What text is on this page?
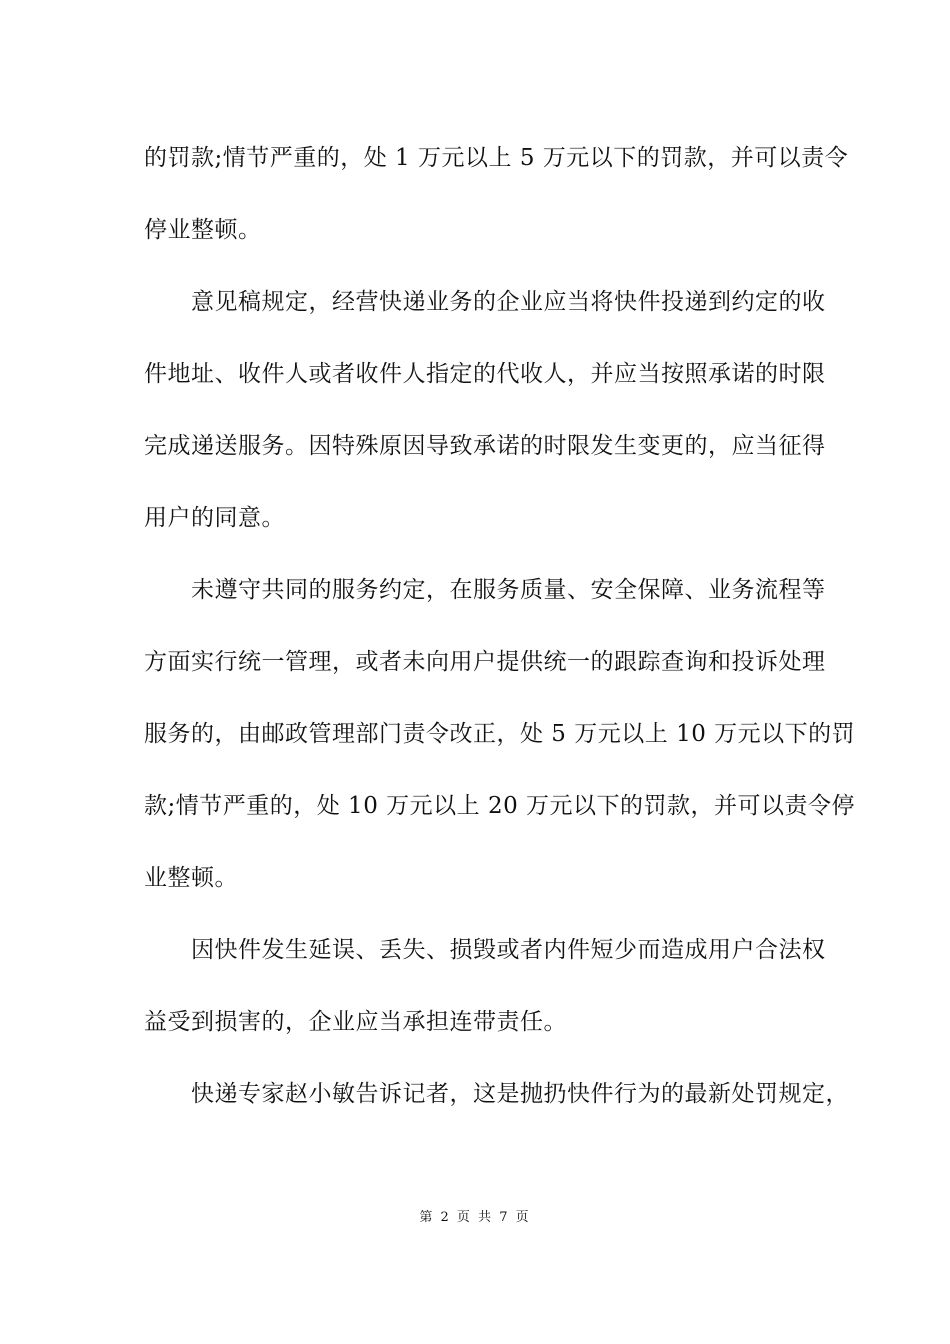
的罚款;情节严重的，处 1 万元以上 5 万元以下的罚款，并可以责令
停业整顿。
意见稿规定，经营快递业务的企业应当将快件投递到约定的收
件地址、收件人或者收件人指定的代收人，并应当按照承诺的时限
完成递送服务。因特殊原因导致承诺的时限发生变更的，应当征得
用户的同意。
未遵守共同的服务约定，在服务质量、安全保障、业务流程等
方面实行统一管理，或者未向用户提供统一的跟踪查询和投诉处理
服务的，由邮政管理部门责令改正，处 5 万元以上 10 万元以下的罚
款;情节严重的，处 10 万元以上 20 万元以下的罚款，并可以责令停
业整顿。
因快件发生延误、丢失、损毁或者内件短少而造成用户合法权
益受到损害的，企业应当承担连带责任。
快递专家赵小敏告诉记者，这是抛扔快件行为的最新处罚规定，
第 2 页 共 7 页
